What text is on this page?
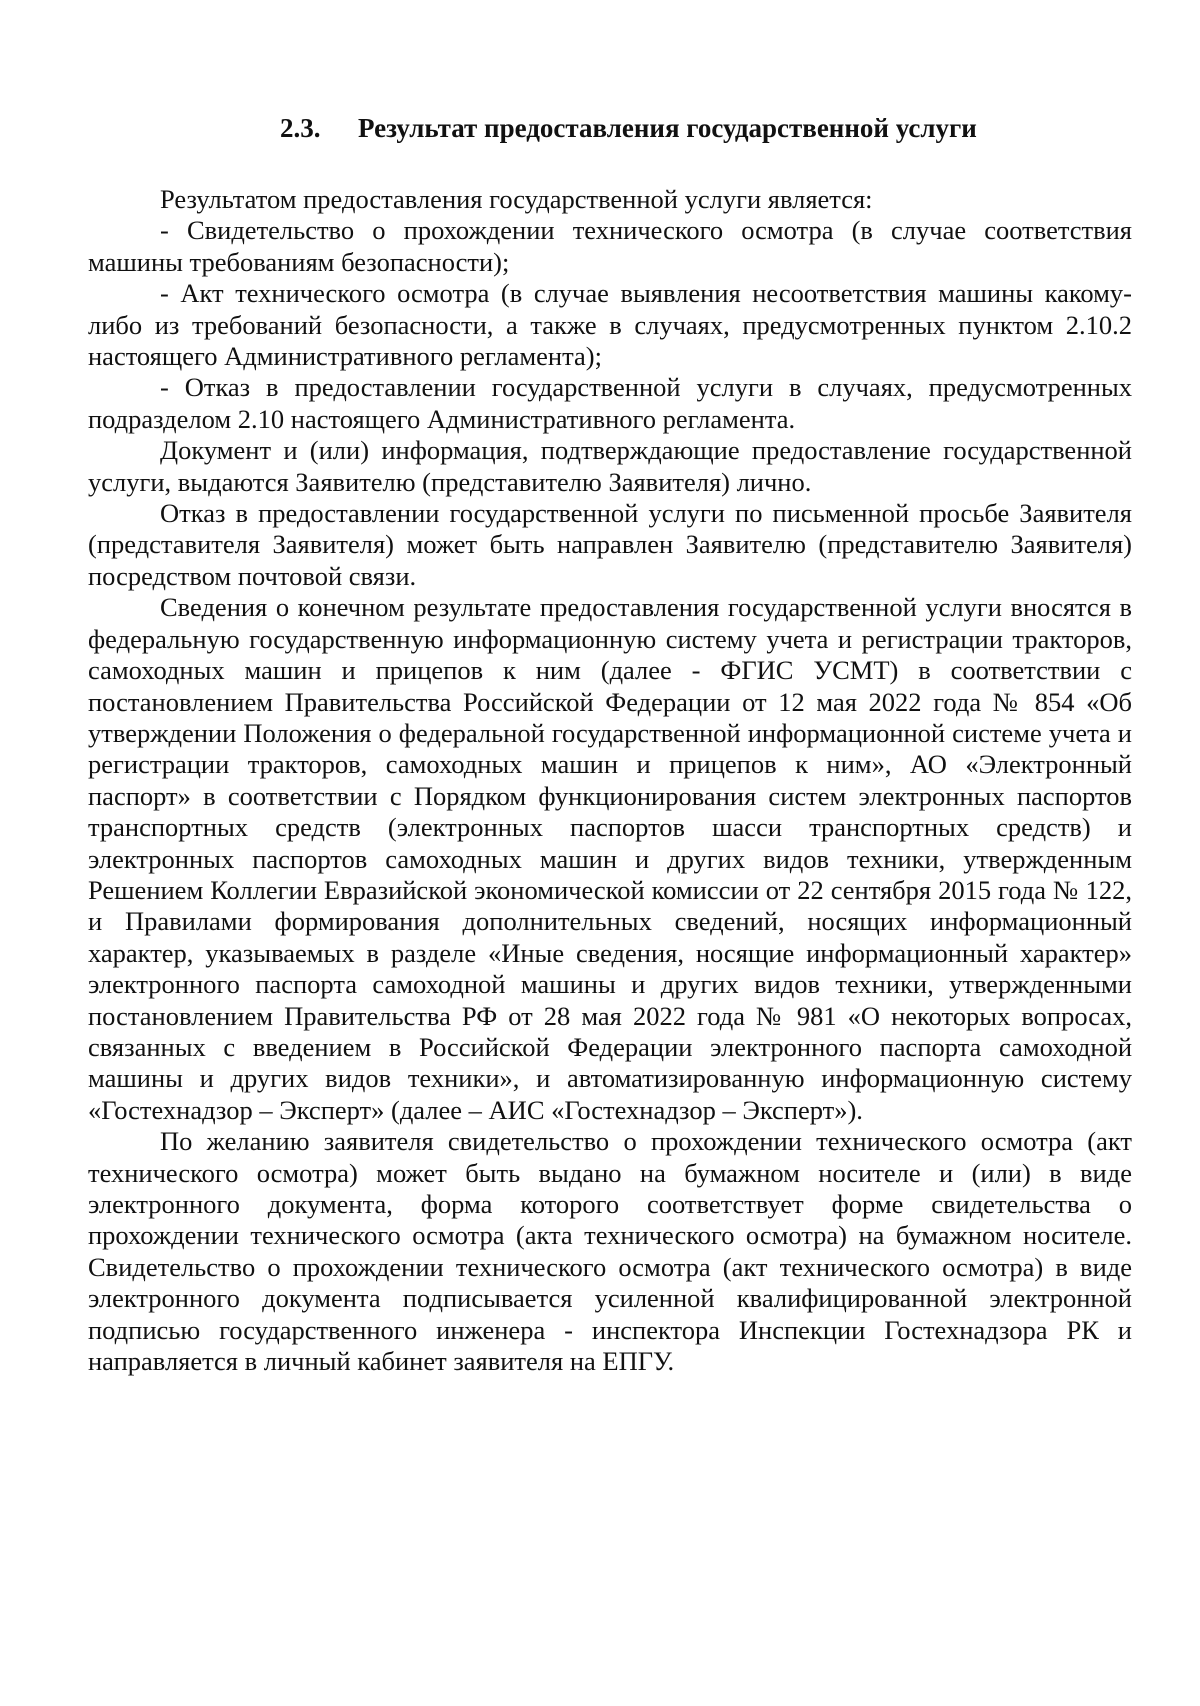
2.3. Результат предоставления государственной услуги

Результатом предоставления государственной услуги является:

- Свидетельство о прохождении технического осмотра (в случае соответствия машины требованиям безопасности);

- Акт технического осмотра (в случае выявления несоответствия машины какому-либо из требований безопасности, а также в случаях, предусмотренных пунктом 2.10.2 настоящего Административного регламента);

- Отказ в предоставлении государственной услуги в случаях, предусмотренных подразделом 2.10 настоящего Административного регламента.

Документ и (или) информация, подтверждающие предоставление государственной услуги, выдаются Заявителю (представителю Заявителя) лично.

Отказ в предоставлении государственной услуги по письменной просьбе Заявителя (представителя Заявителя) может быть направлен Заявителю (представителю Заявителя) посредством почтовой связи.

Сведения о конечном результате предоставления государственной услуги вносятся в федеральную государственную информационную систему учета и регистрации тракторов, самоходных машин и прицепов к ним (далее - ФГИС УСМТ) в соответствии с постановлением Правительства Российской Федерации от 12 мая 2022 года № 854 «Об утверждении Положения о федеральной государственной информационной системе учета и регистрации тракторов, самоходных машин и прицепов к ним», АО «Электронный паспорт» в соответствии с Порядком функционирования систем электронных паспортов транспортных средств (электронных паспортов шасси транспортных средств) и электронных паспортов самоходных машин и других видов техники, утвержденным Решением Коллегии Евразийской экономической комиссии от 22 сентября 2015 года № 122, и Правилами формирования дополнительных сведений, носящих информационный характер, указываемых в разделе «Иные сведения, носящие информационный характер» электронного паспорта самоходной машины и других видов техники, утвержденными постановлением Правительства РФ от 28 мая 2022 года № 981 «О некоторых вопросах, связанных с введением в Российской Федерации электронного паспорта самоходной машины и других видов техники», и автоматизированную информационную систему «Гостехнадзор – Эксперт» (далее – АИС «Гостехнадзор – Эксперт»).

По желанию заявителя свидетельство о прохождении технического осмотра (акт технического осмотра) может быть выдано на бумажном носителе и (или) в виде электронного документа, форма которого соответствует форме свидетельства о прохождении технического осмотра (акта технического осмотра) на бумажном носителе. Свидетельство о прохождении технического осмотра (акт технического осмотра) в виде электронного документа подписывается усиленной квалифицированной электронной подписью государственного инженера - инспектора Инспекции Гостехнадзора РК и направляется в личный кабинет заявителя на ЕПГУ.
